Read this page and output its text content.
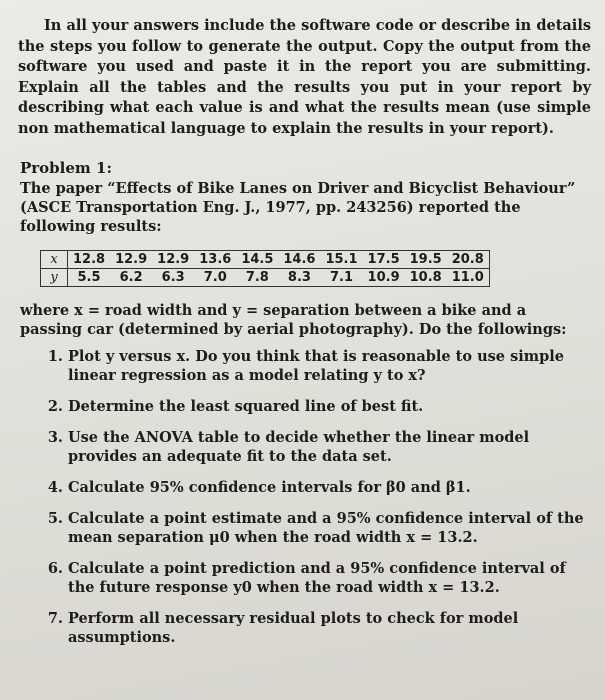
In all your answers include the software code or describe in details the steps you follow to generate the output. Copy the output from the software you used and paste it in the report you are submitting. Explain all the tables and the results you put in your report by describing what each value is and what the results mean (use simple non mathematical language to explain the results in your report).

Problem 1:
The paper “Effects of Bike Lanes on Driver and Bicyclist Behaviour” (ASCE Transportation Eng. J., 1977, pp. 243256) reported the following results:
x	12.8	12.9	12.9	13.6	14.5	14.6	15.1	17.5	19.5	20.8
y	5.5	6.2	6.3	7.0	7.8	8.3	7.1	10.9	10.8	11.0
where x = road width and y = separation between a bike and a passing car (determined by aerial photography). Do the followings:
1. Plot y versus x. Do you think that is reasonable to use simple linear regression as a model relating y to x?
2. Determine the least squared line of best fit.
3. Use the ANOVA table to decide whether the linear model provides an adequate fit to the data set.
4. Calculate 95% confidence intervals for β0 and β1.
5. Calculate a point estimate and a 95% confidence interval of the mean separation μ0 when the road width x = 13.2.
6. Calculate a point prediction and a 95% confidence interval of the future response y0 when the road width x = 13.2.
7. Perform all necessary residual plots to check for model assumptions.
